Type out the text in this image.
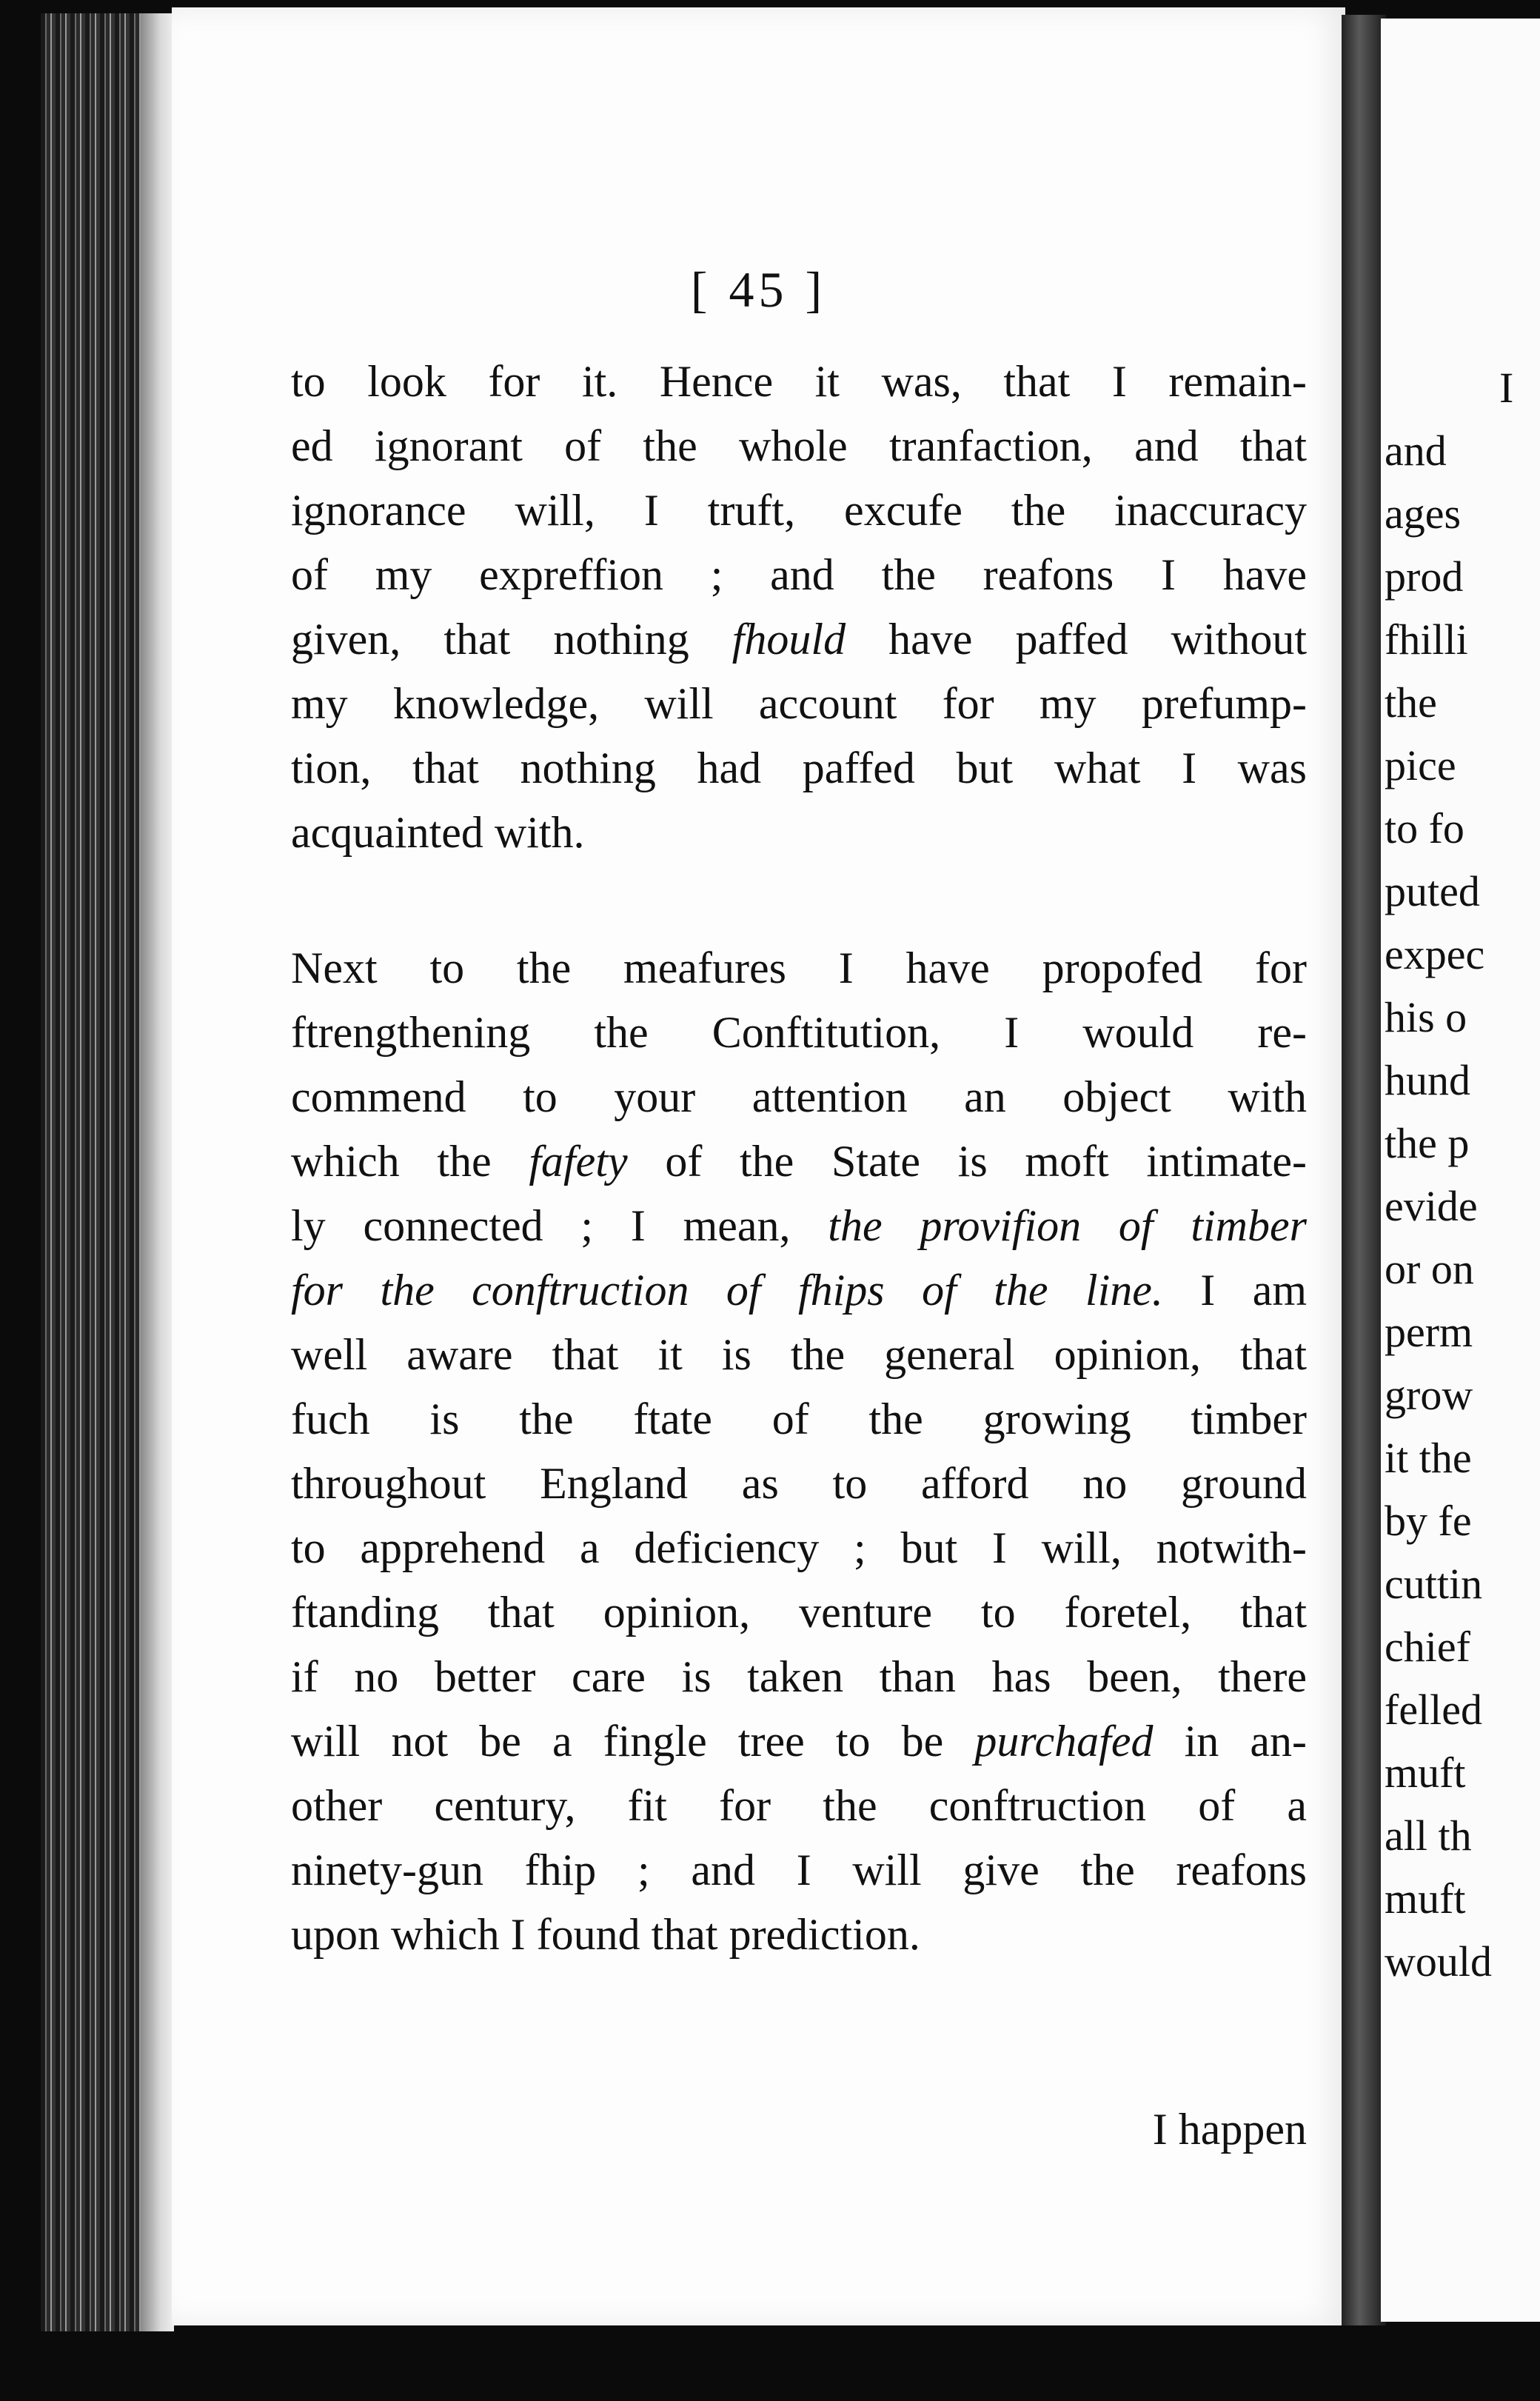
[ 45 ]
to look for it. Hence it was, that I remain-
ed ignorant of the whole tranfaction, and that
ignorance will, I truft, excufe the inaccuracy
of my expreffion ; and the reafons I have
given, that nothing fhould have paffed without
my knowledge, will account for my prefump-
tion, that nothing had paffed but what I was
acquainted with.
Next to the meafures I have propofed for
ftrengthening the Conftitution, I would re-
commend to your attention an object with
which the fafety of the State is moft intimate-
ly connected ; I mean, the provifion of timber
for the conftruction of fhips of the line. I am
well aware that it is the general opinion, that
fuch is the ftate of the growing timber
throughout England as to afford no ground
to apprehend a deficiency ; but I will, notwith-
ftanding that opinion, venture to foretel, that
if no better care is taken than has been, there
will not be a fingle tree to be purchafed in an-
other century, fit for the conftruction of a
ninety-gun fhip ; and I will give the reafons
upon which I found that prediction.
I happen
I
and
ages
prod
fhilli
the
pice
to fo
puted
expec
his o
hund
the p
evide
or on
perm
grow
it the
by fe
cuttin
chief
felled
muft
all th
muft
would
